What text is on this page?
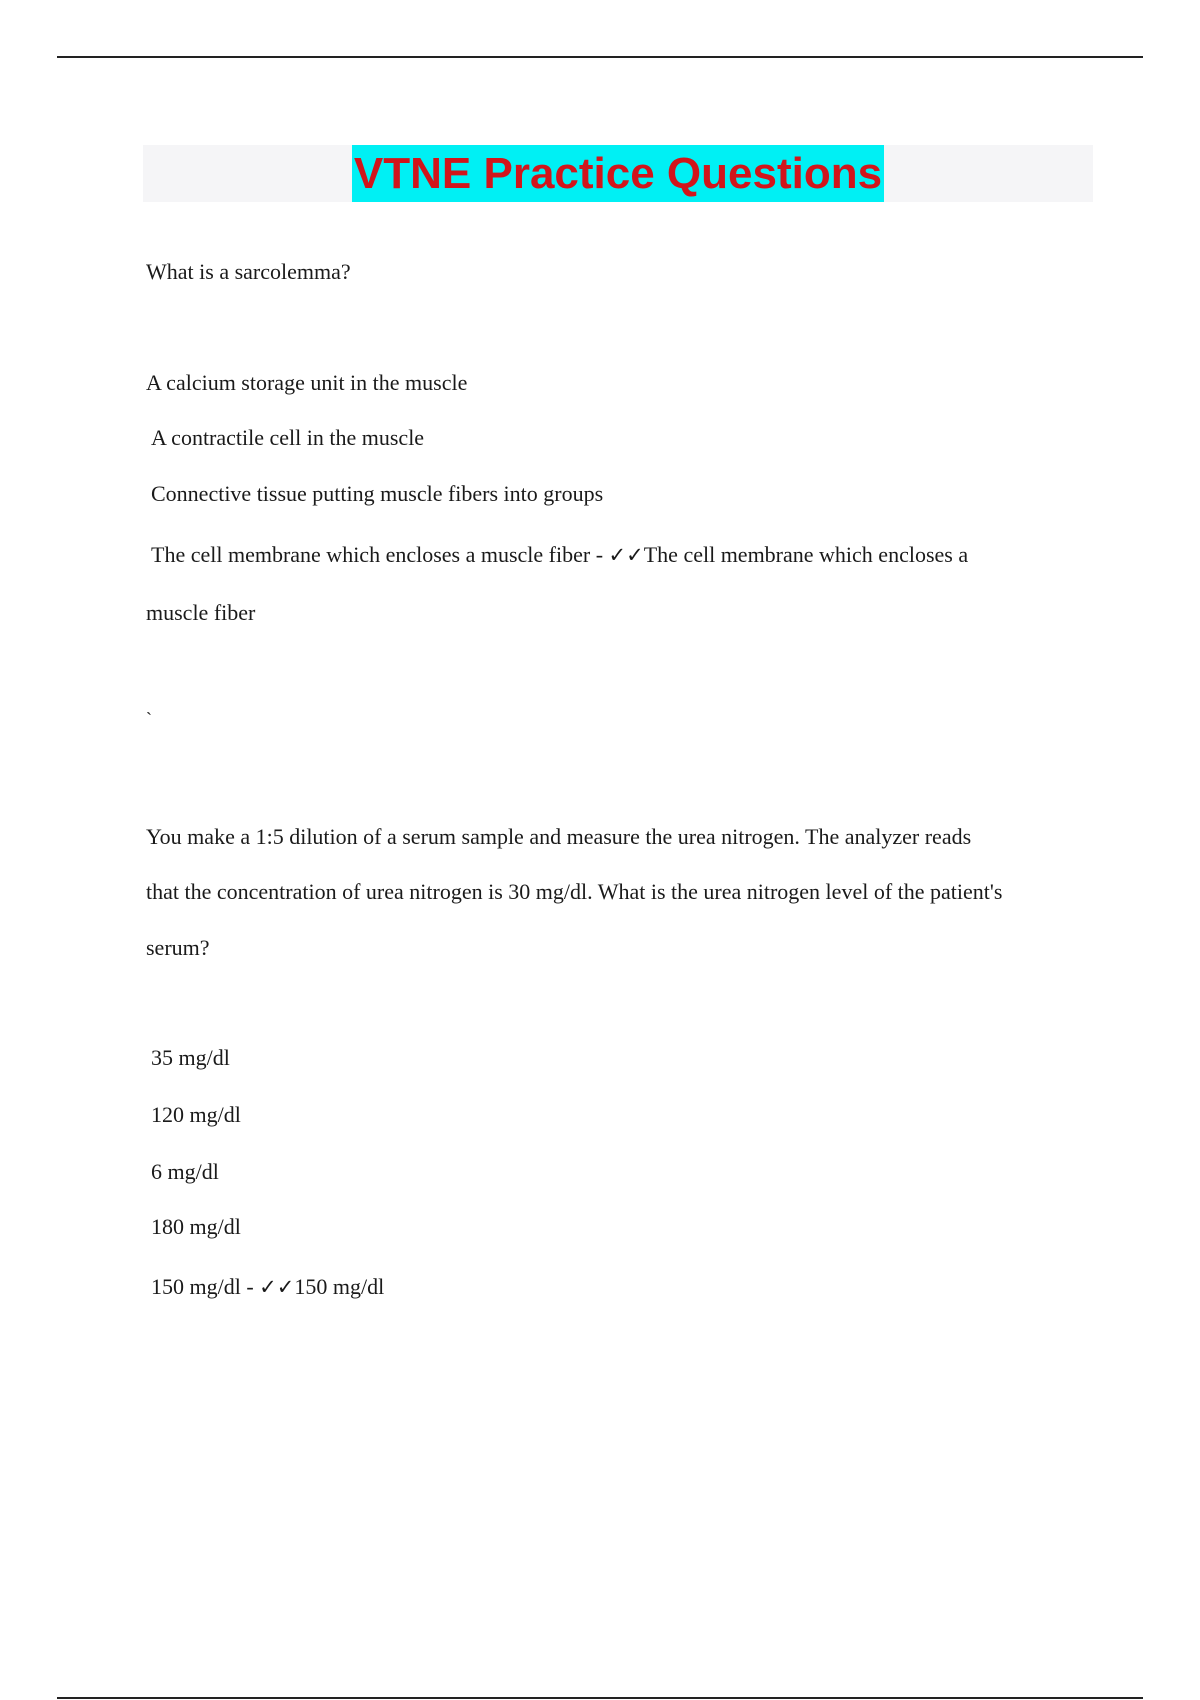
VTNE Practice Questions
What is a sarcolemma?
A calcium storage unit in the muscle
A contractile cell in the muscle
Connective tissue putting muscle fibers into groups
The cell membrane which encloses a muscle fiber - ✓✓The cell membrane which encloses a
muscle fiber
`
You make a 1:5 dilution of a serum sample and measure the urea nitrogen. The analyzer reads
that the concentration of urea nitrogen is 30 mg/dl. What is the urea nitrogen level of the patient's
serum?
35 mg/dl
120 mg/dl
6 mg/dl
180 mg/dl
150 mg/dl - ✓✓150 mg/dl
